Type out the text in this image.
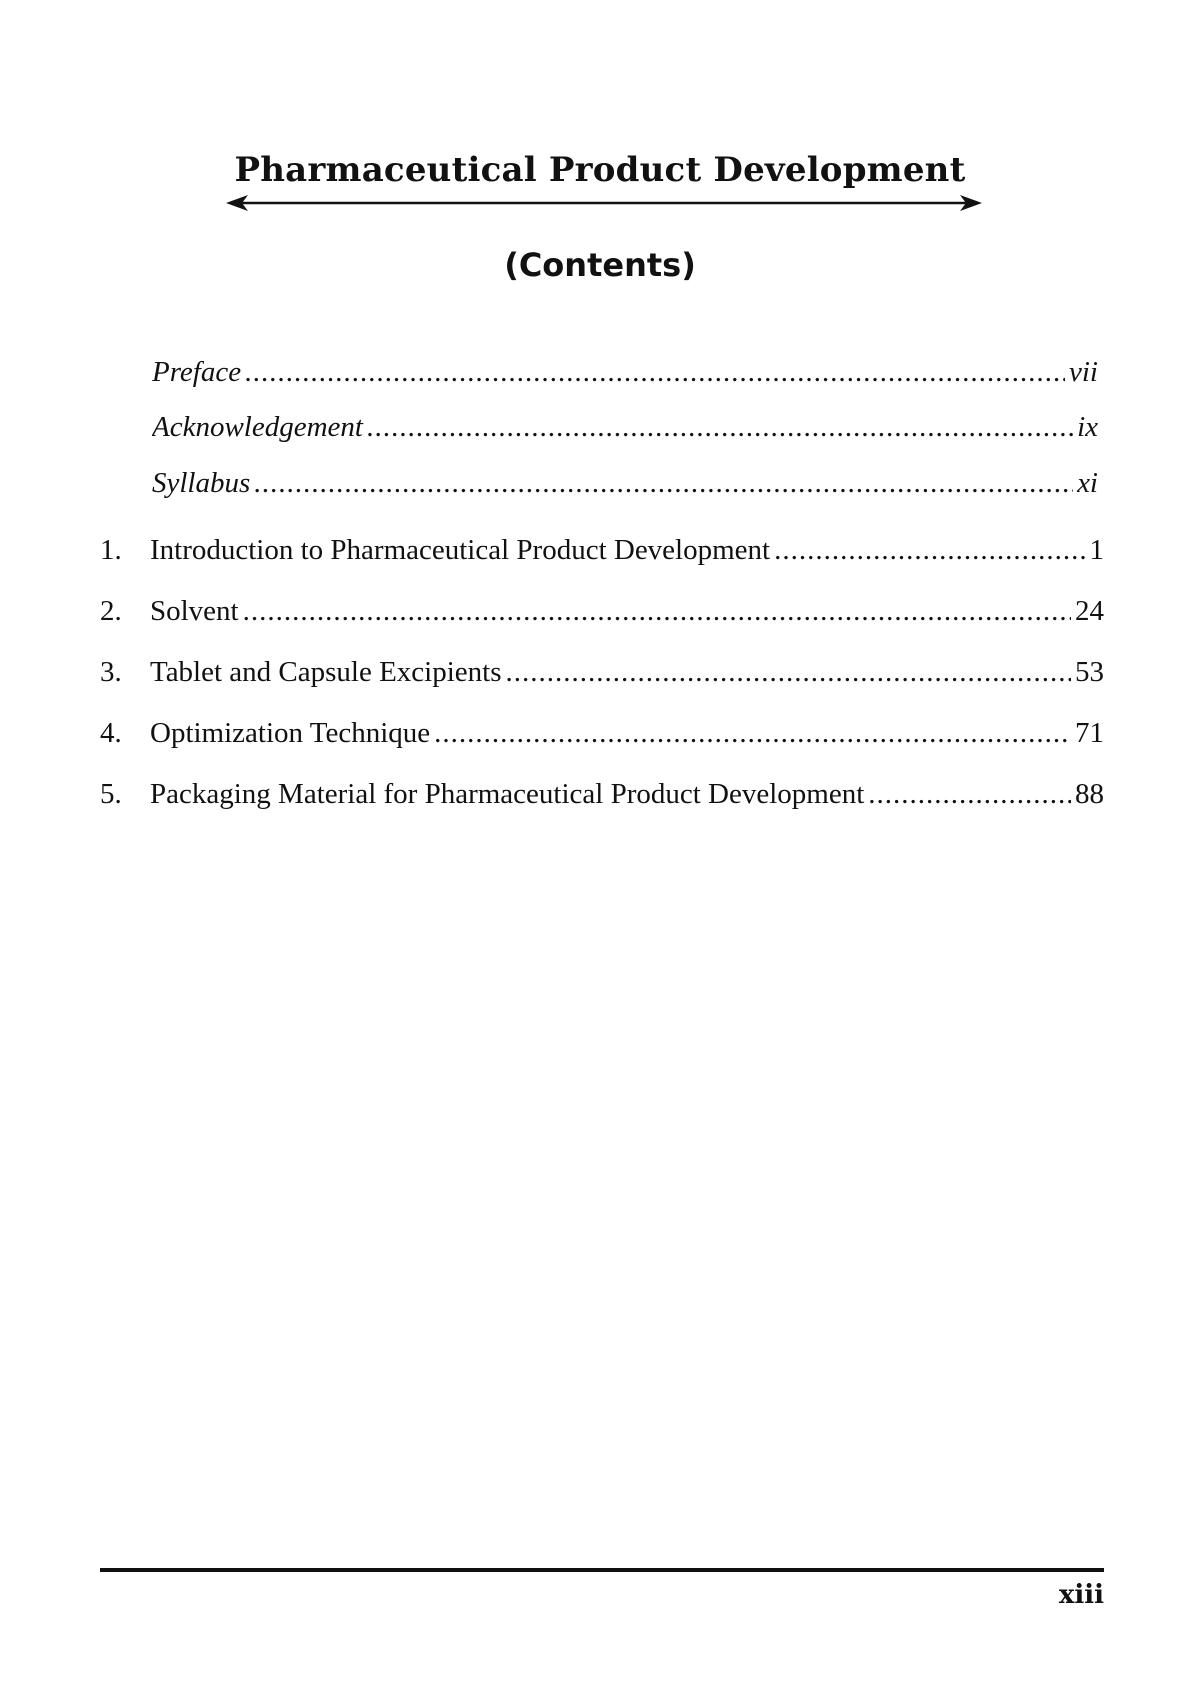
Pharmaceutical Product Development
(Contents)
Preface .....	vii
Acknowledgement .....	ix
Syllabus .....	xi
1. Introduction to Pharmaceutical Product Development .....	1
2. Solvent .....	24
3. Tablet and Capsule Excipients .....	53
4. Optimization Technique .....	71
5. Packaging Material for Pharmaceutical Product Development .....	88

xiii
